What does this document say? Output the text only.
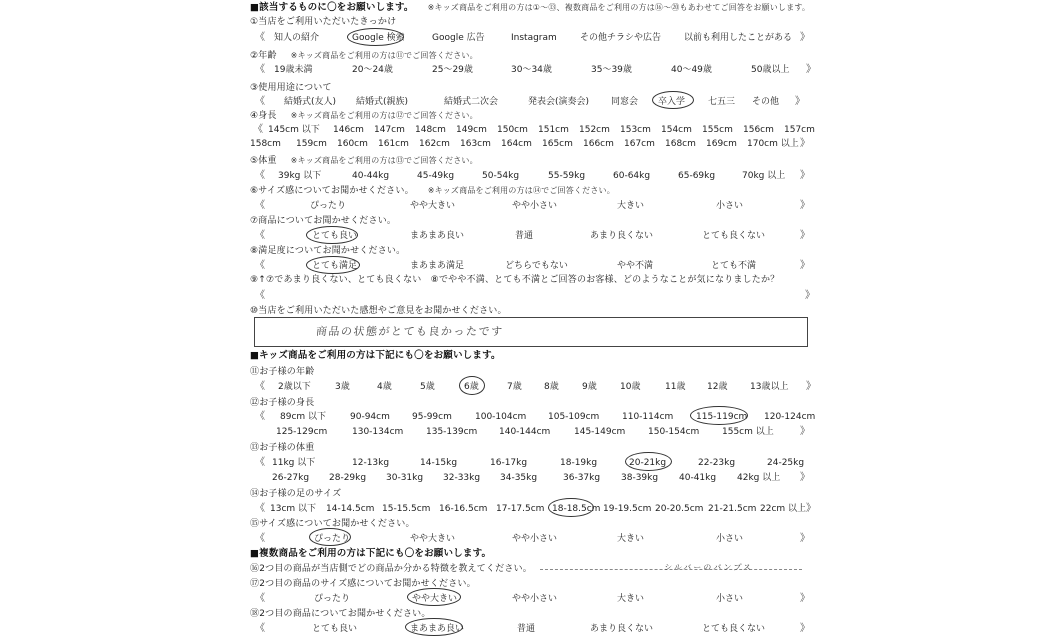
■該当するものに〇をお願いします。 ※キッズ商品をご利用の方は①〜⑬、複数商品をご利用の方は⑯〜⑳もあわせてご回答をお願いします。
①当店をご利用いただいたきっかけ
《 知人の紹介	Google 検索	Google 広告	Instagram	その他チラシや広告	以前も利用したことがある 》
②年齢 ※キッズ商品をご利用の方は⑪でご回答ください。
《 19歳未満	20〜24歳	25〜29歳	30〜34歳	35〜39歳	40〜49歳	50歳以上 》
③使用用途について
《 結婚式(友人) 結婚式(親族)	結婚式二次会	発表会(演奏会) 同窓会 卒入学	七五三 その他 》
④身長 ※キッズ商品をご利用の方は⑫でご回答ください。
《 145cm 以下 146cm 147cm 148cm 149cm 150cm 151cm 152cm 153cm 154cm 155cm 156cm 157cm
158cm 159cm 160cm 161cm 162cm 163cm 164cm 165cm 166cm 167cm 168cm 169cm 170cm 以上 》
⑤体重 ※キッズ商品をご利用の方は⑬でご回答ください。
《 39kg 以下	40-44kg	45-49kg	50-54kg	55-59kg	60-64kg	65-69kg	70kg 以上 》
⑥サイズ感についてお聞かせください。 ※キッズ商品をご利用の方は⑭でご回答ください。
《	ぴったり	やや大きい	やや小さい	大きい	小さい	》
⑦商品についてお聞かせください。
《	とても良い	まあまあ良い	普通	あまり良くない	とても良くない	》
⑧満足度についてお聞かせください。
《	とても満足	まあまあ満足	どちらでもない	やや不満	とても不満	》
⑨↑⑦であまり良くない、とても良くない　⑧でやや不満、とても不満とご回答のお客様、どのようなことが気になりましたか？
《	》
⑩当店をご利用いただいた感想やご意見をお聞かせください。
商品の状態がとても良かったです
■キッズ商品をご利用の方は下記にも〇をお願いします。
⑪お子様の年齢
《 2歳以下	3歳	4歳	5歳	6歳	7歳 8歳	9歳	10歳	11歳 12歳	13歳以上 》
⑫お子様の身長
《 89cm 以下	90-94cm 95-99cm	100-104cm 105-109cm	110-114cm	115-119cm 120-124cm
125-129cm	130-134cm	135-139cm 140-144cm	145-149cm	150-154cm	155cm 以上	》
⑬お子様の体重
《 11kg 以下	12-13kg	14-15kg	16-17kg	18-19kg	20-21kg	22-23kg	24-25kg
26-27kg 28-29kg 30-31kg 32-33kg 34-35kg	36-37kg 38-39kg 40-41kg 42kg 以上 》
⑭お子様の足のサイズ
《 13cm 以下 14-14.5cm 15-15.5cm 16-16.5cm 17-17.5cm 18-18.5cm 19-19.5cm 20-20.5cm 21-21.5cm 22cm 以上 》
⑮サイズ感についてお聞かせください。
《	ぴったり	やや大きい	やや小さい	大きい	小さい	》
■複数商品をご利用の方は下記にも〇をお願いします。
⑯2つ目の商品が当店側でどの商品か分かる特徴を教えてください。	シルバーのパンプス
⑰2つ目の商品のサイズ感についてお聞かせください。
《	ぴったり	やや大きい	やや小さい	大きい	小さい	》
⑱2つ目の商品についてお聞かせください。
《	とても良い	まあまあ良い	普通	あまり良くない	とても良くない	》
